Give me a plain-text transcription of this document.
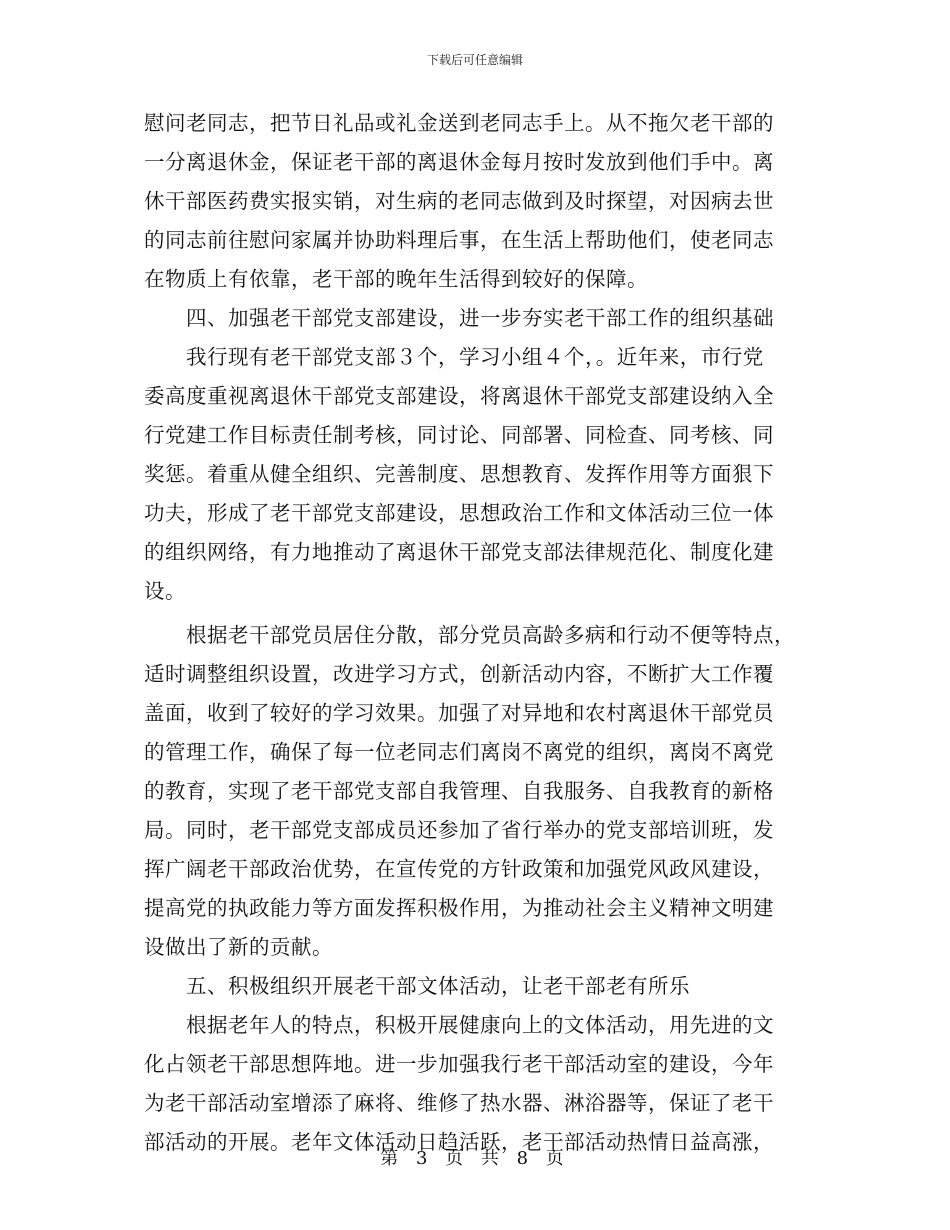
下载后可任意编辑
慰问老同志，把节日礼品或礼金送到老同志手上。从不拖欠老干部的
一分离退休金，保证老干部的离退休金每月按时发放到他们手中。离
休干部医药费实报实销，对生病的老同志做到及时探望，对因病去世
的同志前往慰问家属并协助料理后事，在生活上帮助他们，使老同志
在物质上有依靠，老干部的晚年生活得到较好的保障。
四、加强老干部党支部建设，进一步夯实老干部工作的组织基础
我行现有老干部党支部３个，学习小组４个，。近年来，市行党
委高度重视离退休干部党支部建设，将离退休干部党支部建设纳入全
行党建工作目标责任制考核，同讨论、同部署、同检查、同考核、同
奖惩。着重从健全组织、完善制度、思想教育、发挥作用等方面狠下
功夫，形成了老干部党支部建设，思想政治工作和文体活动三位一体
的组织网络，有力地推动了离退休干部党支部法律规范化、制度化建
设。
根据老干部党员居住分散，部分党员高龄多病和行动不便等特点，
适时调整组织设置，改进学习方式，创新活动内容，不断扩大工作覆
盖面，收到了较好的学习效果。加强了对异地和农村离退休干部党员
的管理工作，确保了每一位老同志们离岗不离党的组织，离岗不离党
的教育，实现了老干部党支部自我管理、自我服务、自我教育的新格
局。同时，老干部党支部成员还参加了省行举办的党支部培训班，发
挥广阔老干部政治优势，在宣传党的方针政策和加强党风政风建设，
提高党的执政能力等方面发挥积极作用，为推动社会主义精神文明建
设做出了新的贡献。
五、积极组织开展老干部文体活动，让老干部老有所乐
根据老年人的特点，积极开展健康向上的文体活动，用先进的文
化占领老干部思想阵地。进一步加强我行老干部活动室的建设，今年
为老干部活动室增添了麻将、维修了热水器、淋浴器等，保证了老干
部活动的开展。老年文体活动日趋活跃，老干部活动热情日益高涨，
第 3 页 共 8 页
